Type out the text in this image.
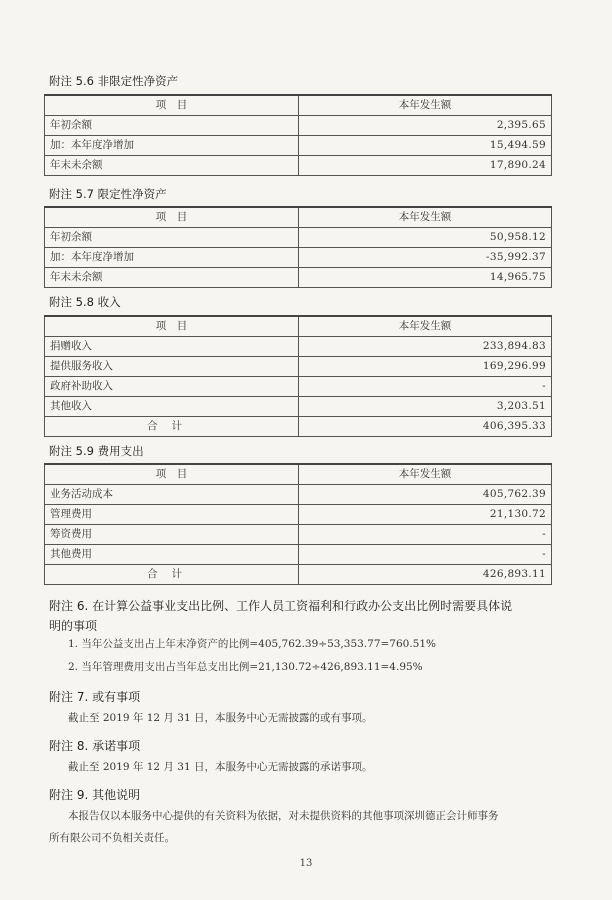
附注 5.6 非限定性净资产
项　目	本年发生额
年初余额	2,395.65
加：本年度净增加	15,494.59
年末未余额	17,890.24
附注 5.7 限定性净资产
项　目	本年发生额
年初余额	50,958.12
加：本年度净增加	-35,992.37
年末未余额	14,965.75
附注 5.8 收入
项　目	本年发生额
捐赠收入	233,894.83
提供服务收入	169,296.99
政府补助收入	-
其他收入	3,203.51
合计	406,395.33
附注 5.9 费用支出
项　目	本年发生额
业务活动成本	405,762.39
管理费用	21,130.72
筹资费用	-
其他费用	-
合计	426,893.11
附注 6. 在计算公益事业支出比例、工作人员工资福利和行政办公支出比例时需要具体说
明的事项
1. 当年公益支出占上年末净资产的比例=405,762.39÷53,353.77=760.51%
2. 当年管理费用支出占当年总支出比例=21,130.72÷426,893.11=4.95%
附注 7. 或有事项
截止至 2019 年 12 月 31 日，本服务中心无需披露的或有事项。
附注 8. 承诺事项
截止至 2019 年 12 月 31 日，本服务中心无需披露的承诺事项。
附注 9. 其他说明
本报告仅以本服务中心提供的有关资料为依据，对未提供资料的其他事项深圳德正会计师事务
所有限公司不负相关责任。
13
